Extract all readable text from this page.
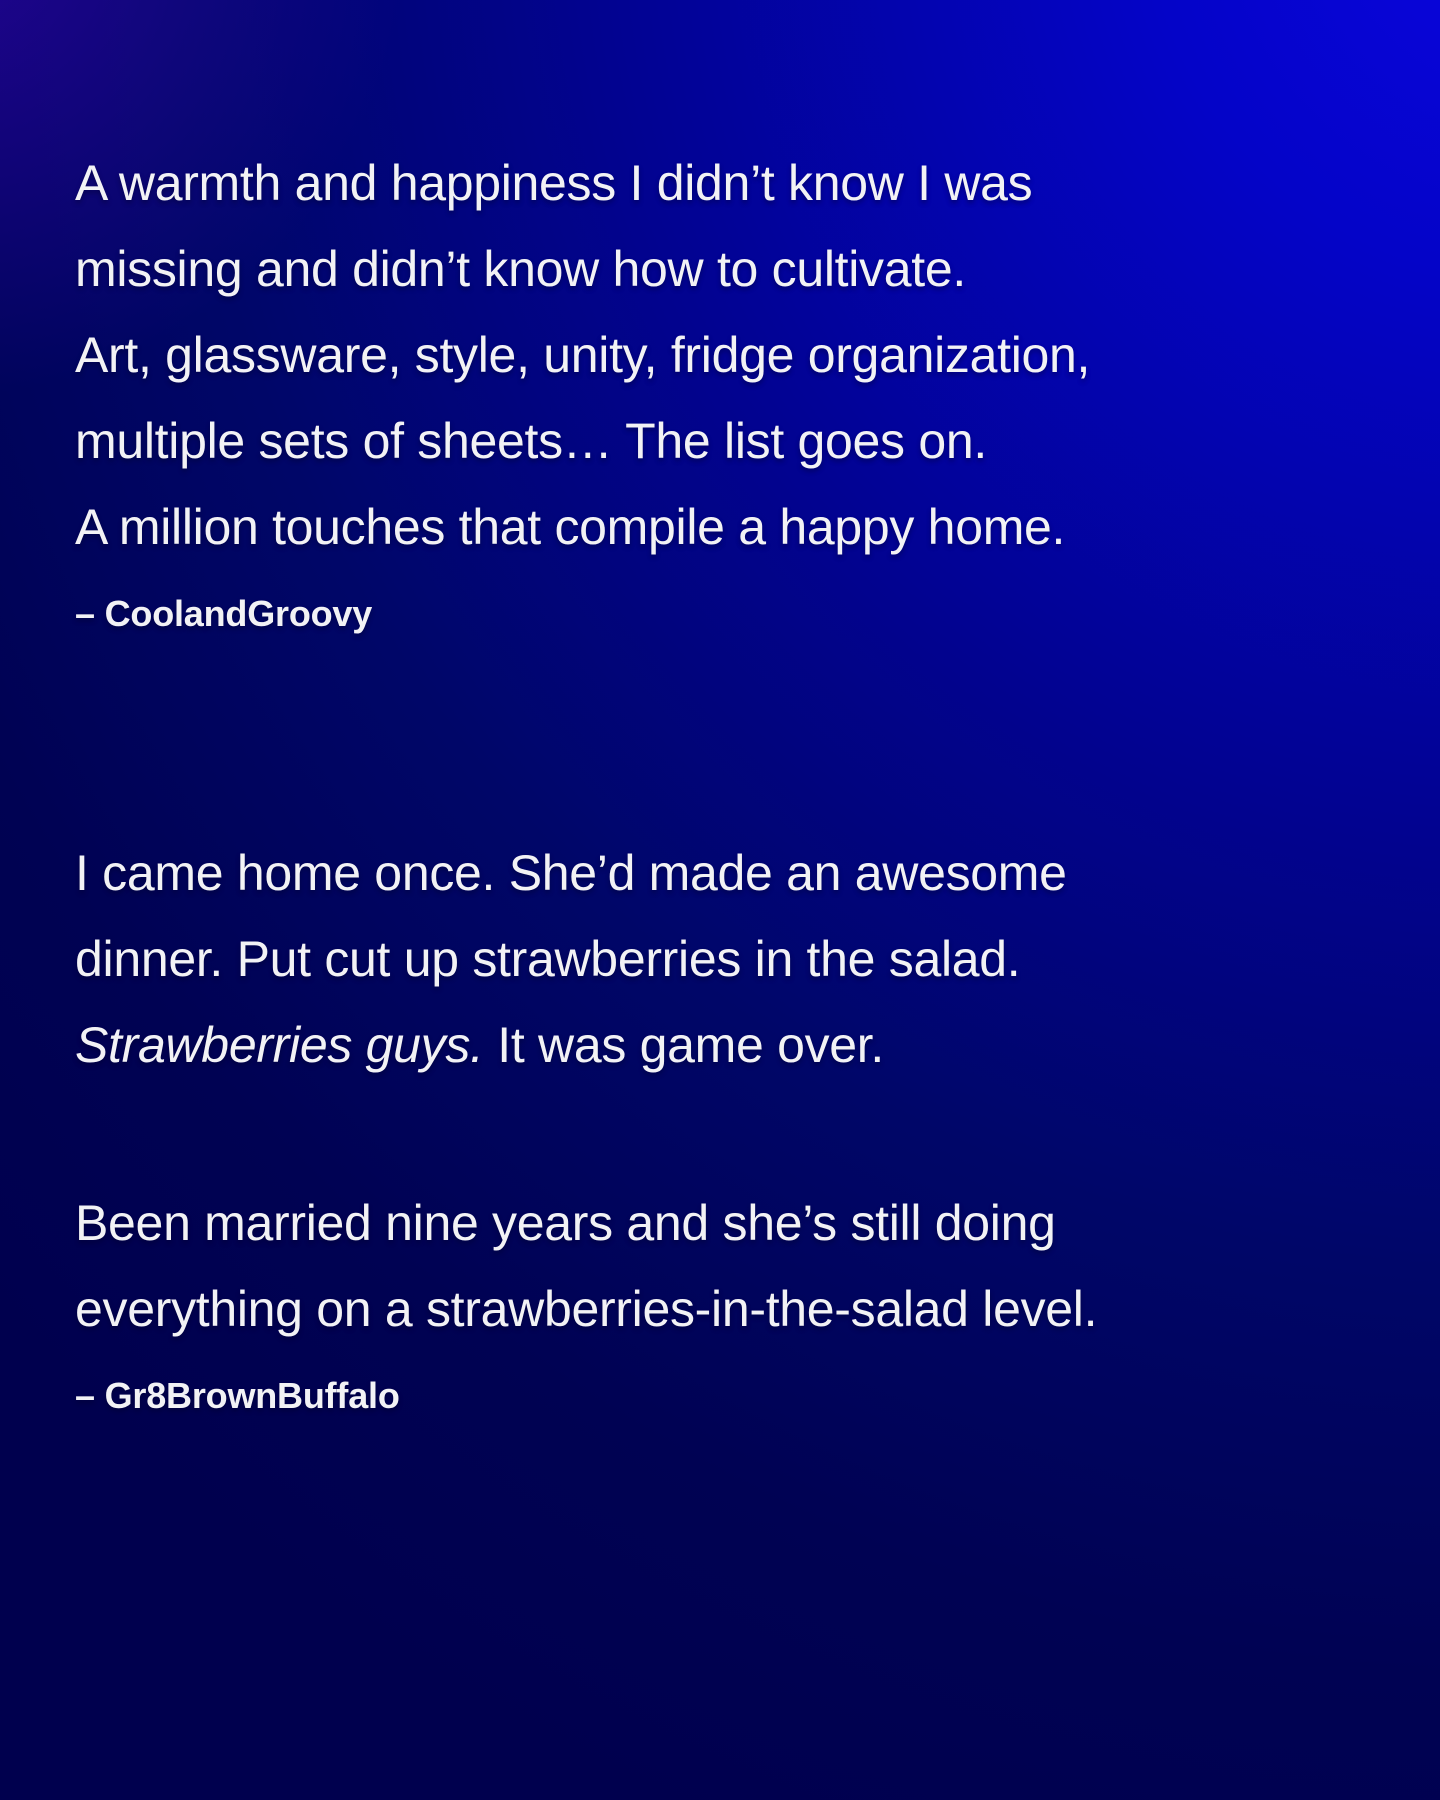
A warmth and happiness I didn’t know I was
missing and didn’t know how to cultivate.
Art, glassware, style, unity, fridge organization,
multiple sets of sheets… The list goes on.
A million touches that compile a happy home.
– CoolandGroovy
I came home once. She’d made an awesome
dinner. Put cut up strawberries in the salad.
Strawberries guys. It was game over.
Been married nine years and she’s still doing
everything on a strawberries-in-the-salad level.
– Gr8BrownBuffalo
